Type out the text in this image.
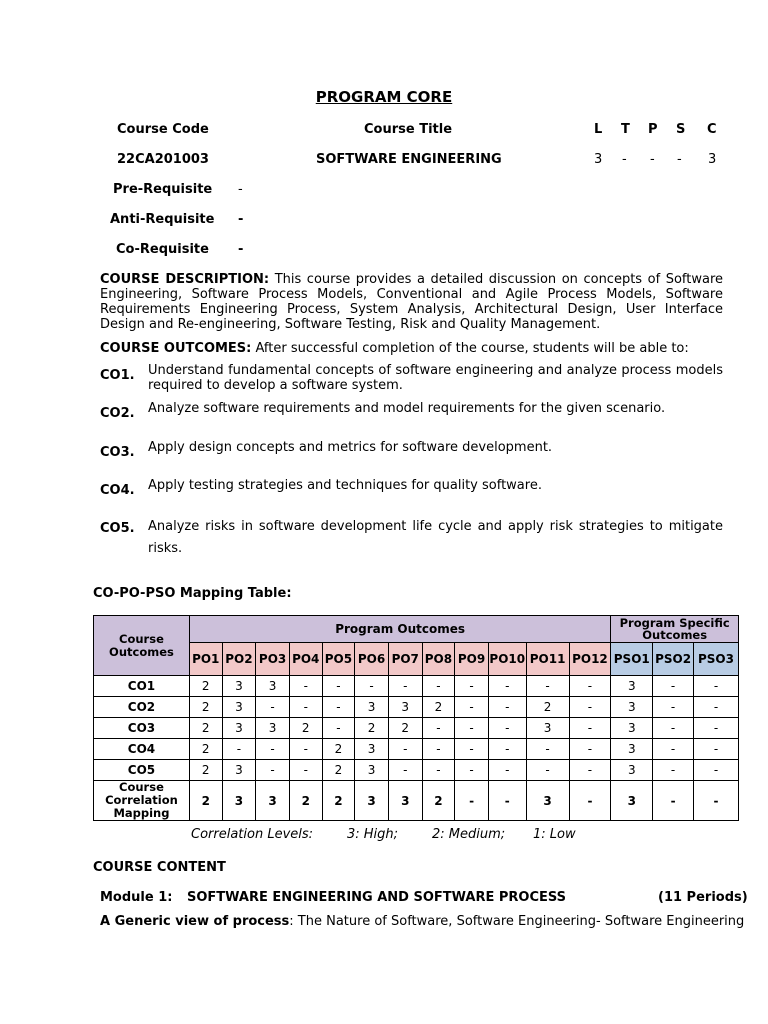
PROGRAM CORE
Course Code	Course Title	L T P S C
22CA201003	SOFTWARE ENGINEERING	3 - - - 3
Pre-Requisite -
Anti-Requisite -
Co-Requisite -
COURSE DESCRIPTION: This course provides a detailed discussion on concepts of Software Engineering, Software Process Models, Conventional and Agile Process Models, Software Requirements Engineering Process, System Analysis, Architectural Design, User Interface Design and Re-engineering, Software Testing, Risk and Quality Management.
COURSE OUTCOMES: After successful completion of the course, students will be able to:
CO1. Understand fundamental concepts of software engineering and analyze process models required to develop a software system.
CO2. Analyze software requirements and model requirements for the given scenario.
CO3. Apply design concepts and metrics for software development.
CO4. Apply testing strategies and techniques for quality software.
CO5. Analyze risks in software development life cycle and apply risk strategies to mitigate risks.
CO-PO-PSO Mapping Table:
Course Outcomes	Program Outcomes												Program Specific Outcomes		
	PO1	PO2	PO3	PO4	PO5	PO6	PO7	PO8	PO9	PO10	PO11	PO12	PSO1	PSO2	PSO3
CO1	2	3	3	-	-	-	-	-	-	-	-	-	3	-	-
CO2	2	3	-	-	-	3	3	2	-	-	2	-	3	-	-
CO3	2	3	3	2	-	2	2	-	-	-	3	-	3	-	-
CO4	2	-	-	-	2	3	-	-	-	-	-	-	3	-	-
CO5	2	3	-	-	2	3	-	-	-	-	-	-	3	-	-
Course Correlation Mapping	2	3	3	2	2	3	3	2	-	-	3	-	3	-	-
Correlation Levels:	3: High;	2: Medium; 1: Low
COURSE CONTENT
Module 1: SOFTWARE ENGINEERING AND SOFTWARE PROCESS	(11 Periods)
A Generic view of process: The Nature of Software, Software Engineering- Software Engineering
